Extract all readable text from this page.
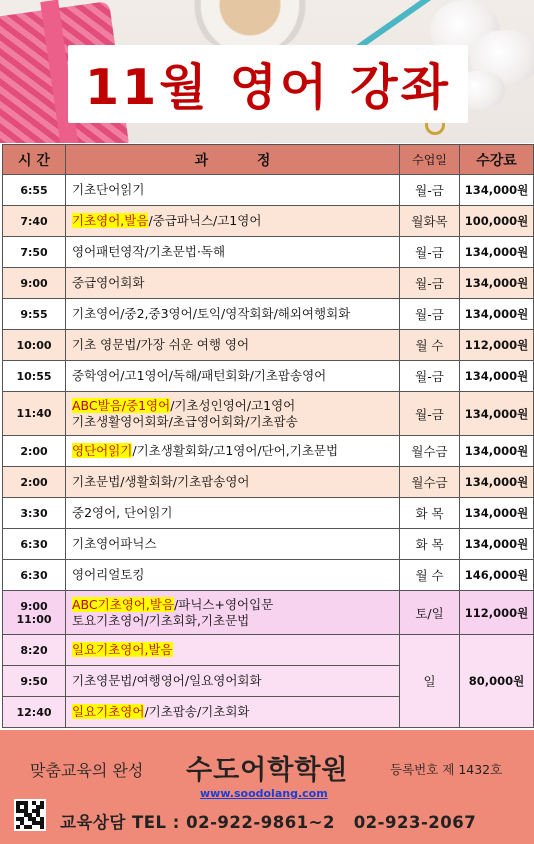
11월 영어 강좌
시 간	과          정	수업일	수강료
6:55	기초단어읽기	월-금	134,000원
7:40	기초영어,발음/중급파닉스/고1영어	월화목	100,000원
7:50	영어패턴영작/기초문법·독해	월-금	134,000원
9:00	중급영어회화	월-금	134,000원
9:55	기초영어/중2,중3영어/토익/영작회화/해외여행회화	월-금	134,000원
10:00	기초 영문법/가장 쉬운 여행 영어	월 수	112,000원
10:55	중학영어/고1영어/독해/패턴회화/기초팝송영어	월-금	134,000원
11:40	ABC발음/중1영어/기초성인영어/고1영어
기초생활영어회화/초급영어회화/기초팝송	월-금	134,000원
2:00	영단어읽기/기초생활회화/고1영어/단어,기초문법	월수금	134,000원
2:00	기초문법/생활회화/기초팝송영어	월수금	134,000원
3:30	중2영어, 단어읽기	화 목	134,000원
6:30	기초영어파닉스	화 목	134,000원
6:30	영어리얼토킹	월 수	146,000원
9:00
11:00	ABC기초영어,발음/파닉스+영어입문
토요기초영어/기초회화,기초문법	토/일	112,000원
8:20	일요기초영어,발음	일	80,000원
9:50	기초영문법/여행영어/일요영어회화		
12:40	일요기초영어/기초팝송/기초회화		
맞춤교육의 완성 수도어학학원	등록번호 제 1432호
www.soodolang.com
교육상담 TEL : 02-922-9861~2   02-923-2067
